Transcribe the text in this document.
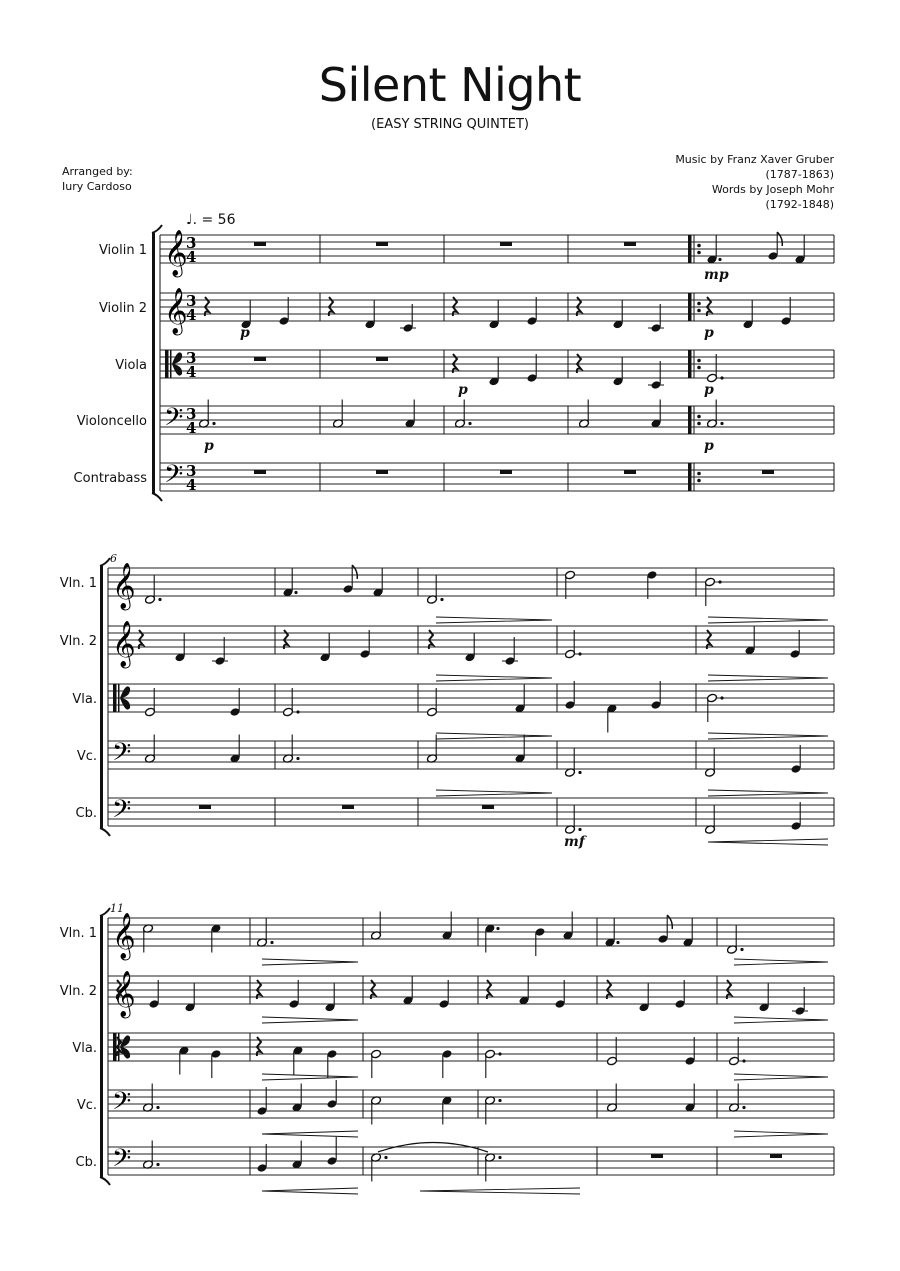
Silent Night
(EASY STRING QUINTET)
Arranged by:
Iury Cardoso
Music by Franz Xaver Gruber
(1787-1863)
Words by Joseph Mohr
(1792-1848)
Violin 1 𝄞
3
4
Violin 2 𝄞
3
4
Viola	3
4
Violoncello 𝄢 3
4
Contrabass 𝄢 3
4
Vln. 1 𝄞
Vln. 2 𝄞
Vla.
Vc. 𝄢
Cb. 𝄢
6
Vln. 1 𝄞
Vln. 2 𝄞
Vla.
Vc. 𝄢
Cb. 𝄢
11
♩. = 56
p
p
p
mp
p
p
p
mf
